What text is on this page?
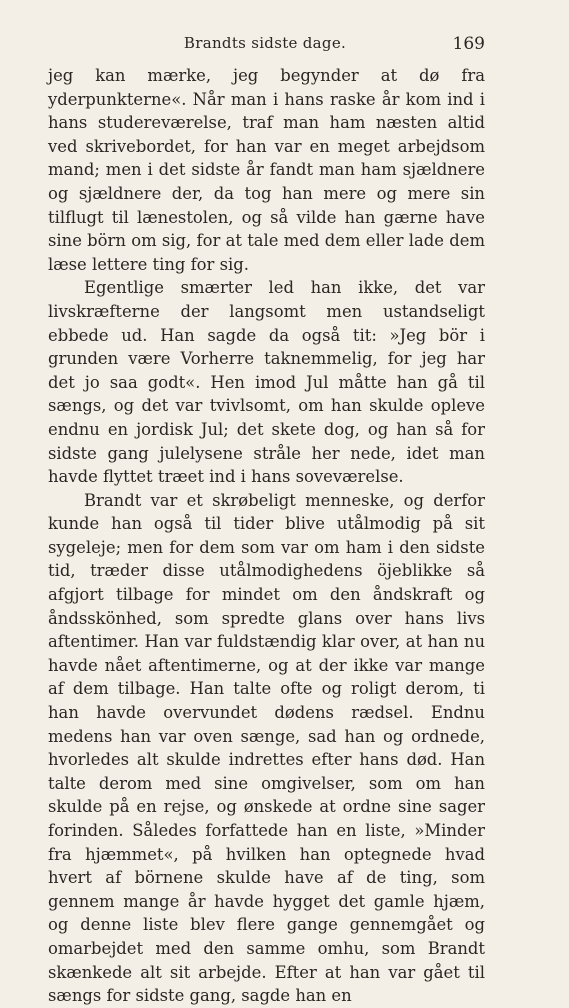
Brandts sidste dage.	169

jeg kan mærke, jeg begynder at dø fra yderpunkterne«. Når man i hans raske år kom ind i hans studereværelse, traf man ham næsten altid ved skrivebordet, for han var en meget arbejdsom mand; men i det sidste år fandt man ham sjældnere og sjældnere der, da tog han mere og mere sin tilflugt til lænestolen, og så vilde han gærne have sine börn om sig, for at tale med dem eller lade dem læse lettere ting for sig.

Egentlige smærter led han ikke, det var livskræfterne der langsomt men ustandseligt ebbede ud. Han sagde da også tit: »Jeg bör i grunden være Vorherre taknemmelig, for jeg har det jo saa godt«. Hen imod Jul måtte han gå til sængs, og det var tvivlsomt, om han skulde opleve endnu en jordisk Jul; det skete dog, og han så for sidste gang julelysene stråle her nede, idet man havde flyttet træet ind i hans soveværelse.

Brandt var et skrøbeligt menneske, og derfor kunde han også til tider blive utålmodig på sit sygeleje; men for dem som var om ham i den sidste tid, træder disse utålmodighedens öjeblikke så afgjort tilbage for mindet om den åndskraft og åndsskönhed, som spredte glans over hans livs aftentimer. Han var fuldstændig klar over, at han nu havde nået aftentimerne, og at der ikke var mange af dem tilbage. Han talte ofte og roligt derom, ti han havde overvundet dødens rædsel. Endnu medens han var oven sænge, sad han og ordnede, hvorledes alt skulde indrettes efter hans død. Han talte derom med sine omgivelser, som om han skulde på en rejse, og ønskede at ordne sine sager forinden. Således forfattede han en liste, »Minder fra hjæmmet«, på hvilken han optegnede hvad hvert af börnene skulde have af de ting, som gennem mange år havde hygget det gamle hjæm, og denne liste blev flere gange gennemgået og omarbejdet med den samme omhu, som Brandt skænkede alt sit arbejde. Efter at han var gået til sængs for sidste gang, sagde han en
